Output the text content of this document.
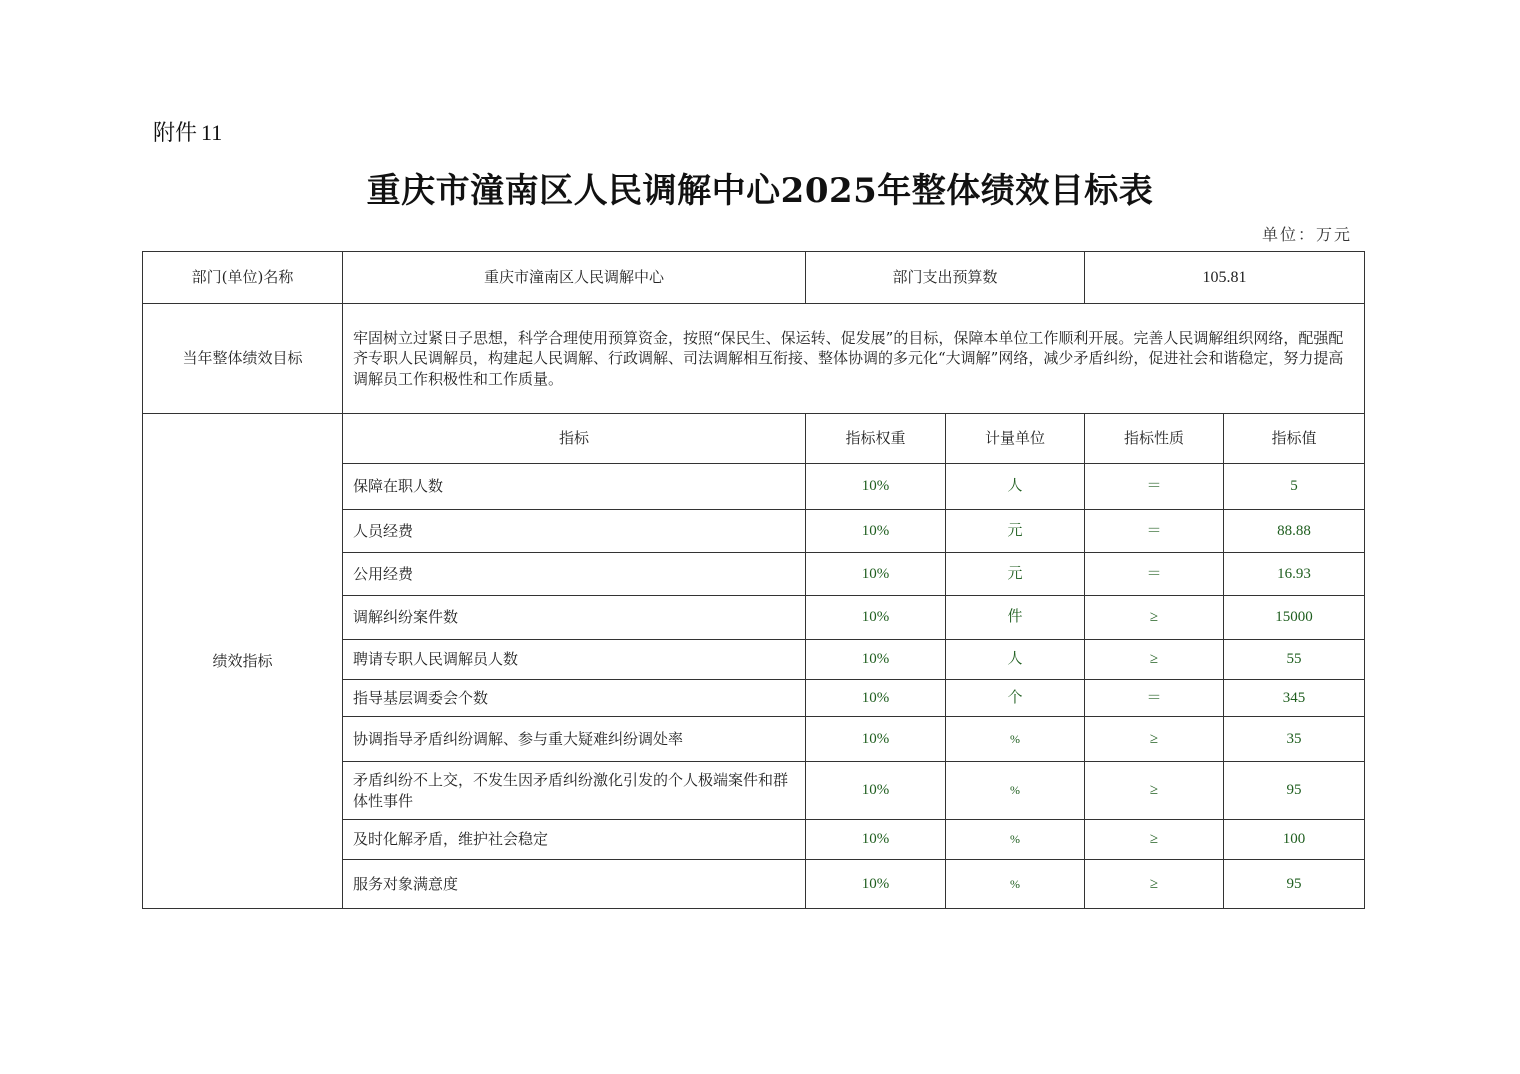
附件 11
重庆市潼南区人民调解中心2025年整体绩效目标表
单位：万元
部门(单位)名称	重庆市潼南区人民调解中心	部门支出预算数		105.81	
当年整体绩效目标	牢固树立过紧日子思想，科学合理使用预算资金，按照“保民生、保运转、促发展”的目标，保障本单位工作顺利开展。完善人民调解组织网络，配强配齐专职人民调解员，构建起人民调解、行政调解、司法调解相互衔接、整体协调的多元化“大调解”网络，减少矛盾纠纷，促进社会和谐稳定，努力提高调解员工作积极性和工作质量。				
绩效指标	指标	指标权重	计量单位	指标性质	指标值
	保障在职人数	10%	人	＝	5
	人员经费	10%	元	＝	88.88
	公用经费	10%	元	＝	16.93
	调解纠纷案件数	10%	件	≥	15000
	聘请专职人民调解员人数	10%	人	≥	55
	指导基层调委会个数	10%	个	＝	345
	协调指导矛盾纠纷调解、参与重大疑难纠纷调处率	10%	%	≥	35
	矛盾纠纷不上交，不发生因矛盾纠纷激化引发的个人极端案件和群体性事件	10%	%	≥	95
	及时化解矛盾，维护社会稳定	10%	%	≥	100
	服务对象满意度	10%	%	≥	95
